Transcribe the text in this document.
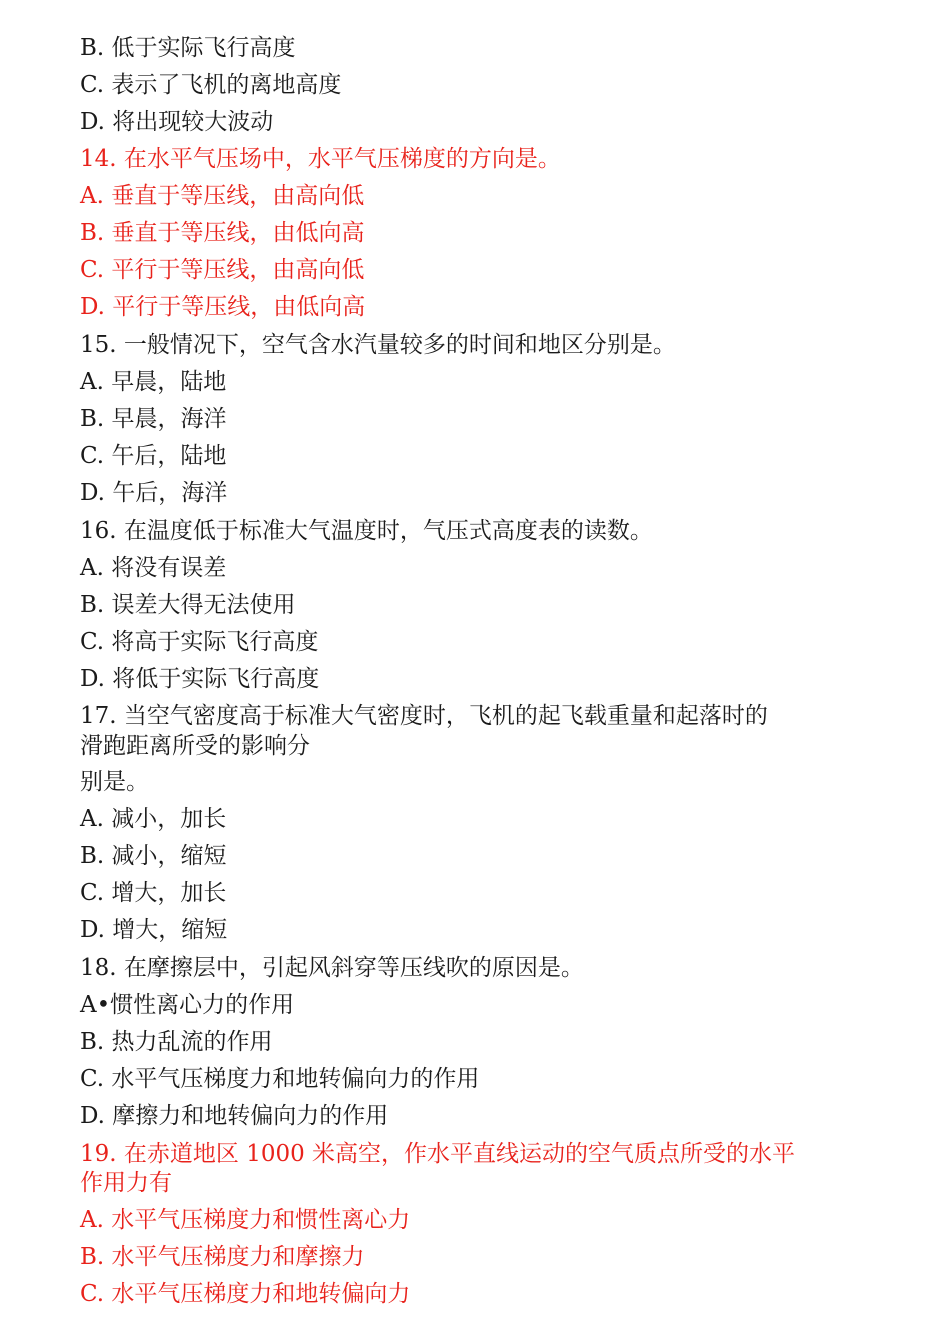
B. 低于实际飞行高度
C. 表示了飞机的离地高度
D. 将出现较大波动
14. 在水平气压场中，水平气压梯度的方向是。
A. 垂直于等压线，由高向低
B. 垂直于等压线，由低向高
C. 平行于等压线，由高向低
D. 平行于等压线，由低向高
15. 一般情况下，空气含水汽量较多的时间和地区分别是。
A. 早晨，陆地
B. 早晨，海洋
C. 午后，陆地
D. 午后，海洋
16. 在温度低于标准大气温度时，气压式高度表的读数。
A. 将没有误差
B. 误差大得无法使用
C. 将高于实际飞行高度
D. 将低于实际飞行高度
17. 当空气密度高于标准大气密度时，飞机的起飞载重量和起落时的
滑跑距离所受的影响分
别是。
A. 减小，加长
B. 减小，缩短
C. 增大，加长
D. 增大，缩短
18. 在摩擦层中，引起风斜穿等压线吹的原因是。
A•惯性离心力的作用
B. 热力乱流的作用
C. 水平气压梯度力和地转偏向力的作用
D. 摩擦力和地转偏向力的作用
19. 在赤道地区 1000 米高空，作水平直线运动的空气质点所受的水平
作用力有
A. 水平气压梯度力和惯性离心力
B. 水平气压梯度力和摩擦力
C. 水平气压梯度力和地转偏向力
